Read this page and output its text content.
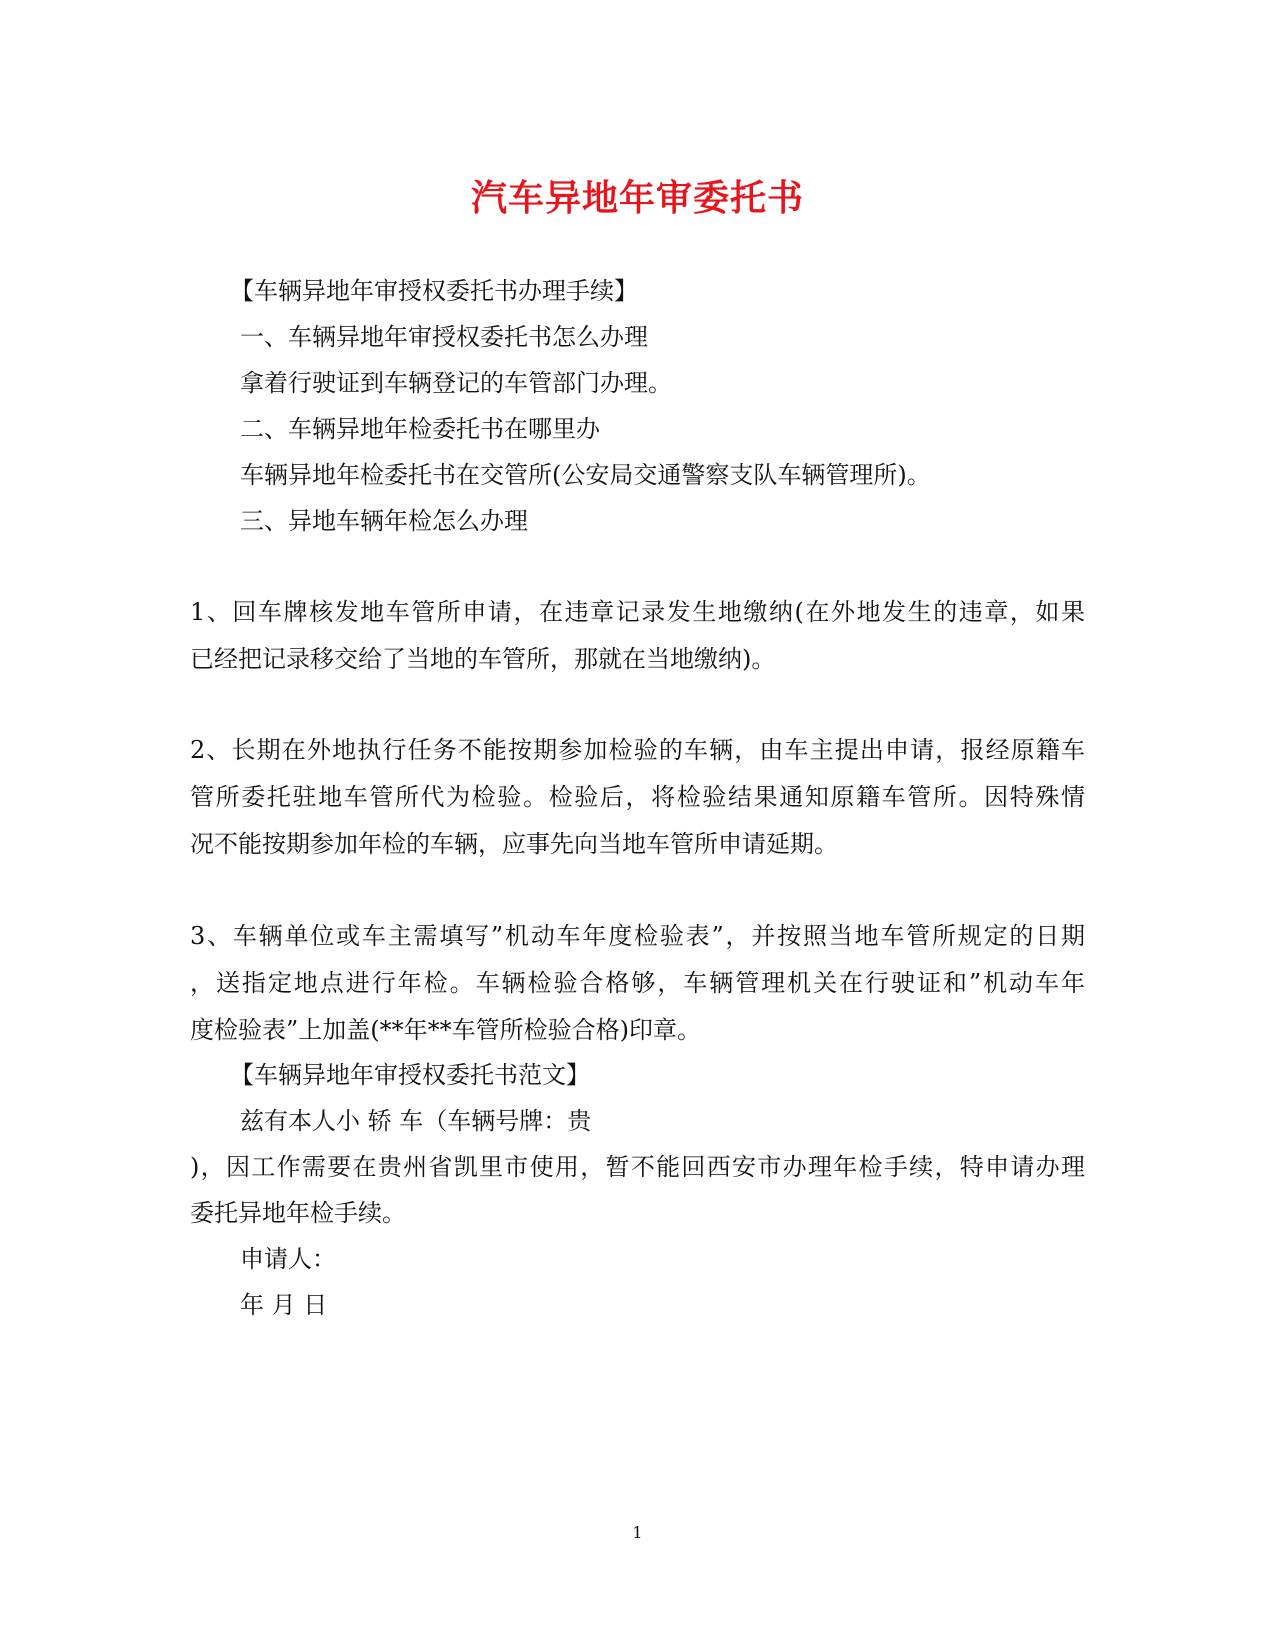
汽车异地年审委托书
【车辆异地年审授权委托书办理手续】
一、车辆异地年审授权委托书怎么办理
拿着行驶证到车辆登记的车管部门办理。
二、车辆异地年检委托书在哪里办
车辆异地年检委托书在交管所(公安局交通警察支队车辆管理所)。
三、异地车辆年检怎么办理
1、回车牌核发地车管所申请，在违章记录发生地缴纳(在外地发生的违章，如果
已经把记录移交给了当地的车管所，那就在当地缴纳)。
2、长期在外地执行任务不能按期参加检验的车辆，由车主提出申请，报经原籍车
管所委托驻地车管所代为检验。检验后，将检验结果通知原籍车管所。因特殊情
况不能按期参加年检的车辆，应事先向当地车管所申请延期。
3、车辆单位或车主需填写”机动车年度检验表”，并按照当地车管所规定的日期
，送指定地点进行年检。车辆检验合格够，车辆管理机关在行驶证和”机动车年
度检验表”上加盖(**年**车管所检验合格)印章。
【车辆异地年审授权委托书范文】
兹有本人小 轿 车（车辆号牌：贵
)，因工作需要在贵州省凯里市使用，暂不能回西安市办理年检手续，特申请办理
委托异地年检手续。
申请人：
年 月 日
1
